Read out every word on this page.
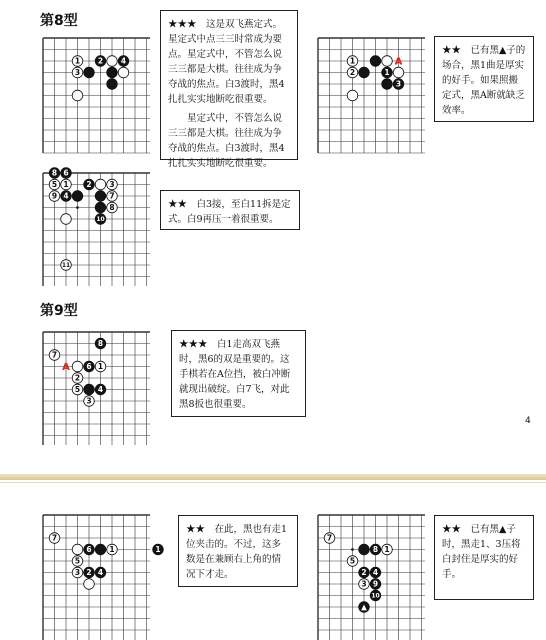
第8型
第9型
1 2 4
3
A
1
2	1
3
8 6
5 1 2 3
9 4	7
8
10
11
A
8
7
6 1
2
5 4
3
7
6 1	1
5
3 2 4
7
8 1
5
2 4
3 9
10
▲

★★★　这是双飞燕定式。星定式中点三三时常成为要点。星定式中，不管怎么说三三都是大棋。往往成为争夺战的焦点。白3渡时，黑4扎扎实实地断吃很重要。

星定式中，不管怎么说三三都是大棋。往往成为争夺战的焦点。白3渡时，黑4扎扎实实地断吃很重要。

★★　已有黑▲子的场合，黑1曲是厚实的好手。如果照搬定式，黑A断就缺乏效率。

★★　白3接，至白11拆是定式。白9再压一着很重要。

★★★　白1走高双飞燕时，黑6的双是重要的。这手棋若在A位挡，被白冲断就现出破绽。白7飞，对此黑8扳也很重要。

★★　在此，黑也有走1位夹击的。不过，这多数是在兼顾右上角的情况下才走。

★★　已有黑▲子时，黑走1、3压将白封住是厚实的好手。

4
